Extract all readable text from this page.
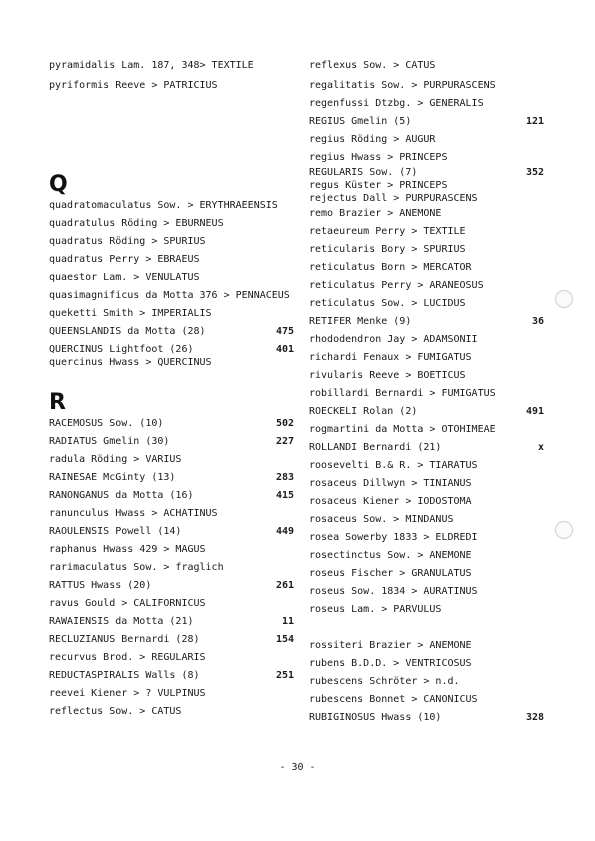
pyramidalis Lam. 187, 348> TEXTILE
pyriformis Reeve > PATRICIUS
Q
quadratomaculatus Sow. > ERYTHRAEENSIS
quadratulus Röding > EBURNEUS
quadratus Röding > SPURIUS
quadratus Perry > EBRAEUS
quaestor Lam. > VENULATUS
quasimagnificus da Motta 376 > PENNACEUS
queketti Smith > IMPERIALIS
QUEENSLANDIS da Motta (28)	475
QUERCINUS Lightfoot (26)	401
quercinus Hwass > QUERCINUS
R
RACEMOSUS Sow. (10)	502
RADIATUS Gmelin (30)	227
radula Röding > VARIUS
RAINESAE McGinty (13)	283
RANONGANUS da Motta (16)	415
ranunculus Hwass > ACHATINUS
RAOULENSIS Powell (14)	449
raphanus Hwass 429 > MAGUS
rarimaculatus Sow. > fraglich
RATTUS Hwass (20)	261
ravus Gould > CALIFORNICUS
RAWAIENSIS da Motta (21)	11
RECLUZIANUS Bernardi (28)	154
recurvus Brod. > REGULARIS
REDUCTASPIRALIS Walls (8)	251
reevei Kiener > ? VULPINUS
reflectus Sow. > CATUS
reflexus Sow. > CATUS
regalitatis Sow. > PURPURASCENS
regenfussi Dtzbg. > GENERALIS
REGIUS Gmelin (5)	121
regius Röding > AUGUR
regius Hwass > PRINCEPS
REGULARIS Sow. (7)	352
regus Küster > PRINCEPS
rejectus Dall > PURPURASCENS
remo Brazier > ANEMONE
retaeureum Perry > TEXTILE
reticularis Bory > SPURIUS
reticulatus Born > MERCATOR
reticulatus Perry > ARANEOSUS
reticulatus Sow. > LUCIDUS
RETIFER Menke (9)	36
rhododendron Jay > ADAMSONII
richardi Fenaux > FUMIGATUS
rivularis Reeve > BOETICUS
robillardi Bernardi > FUMIGATUS
ROECKELI Rolan (2)	491
rogmartini da Motta > OTOHIMEAE
ROLLANDI Bernardi (21)	x
roosevelti B.& R. > TIARATUS
rosaceus Dillwyn > TINIANUS
rosaceus Kiener > IODOSTOMA
rosaceus Sow. > MINDANUS
rosea Sowerby 1833 > ELDREDI
rosectinctus Sow. > ANEMONE
roseus Fischer > GRANULATUS
roseus Sow. 1834 > AURATINUS
roseus Lam. > PARVULUS
rossiteri Brazier > ANEMONE
rubens B.D.D. > VENTRICOSUS
rubescens Schröter > n.d.
rubescens Bonnet > CANONICUS
RUBIGINOSUS Hwass (10)	328
- 30 -
